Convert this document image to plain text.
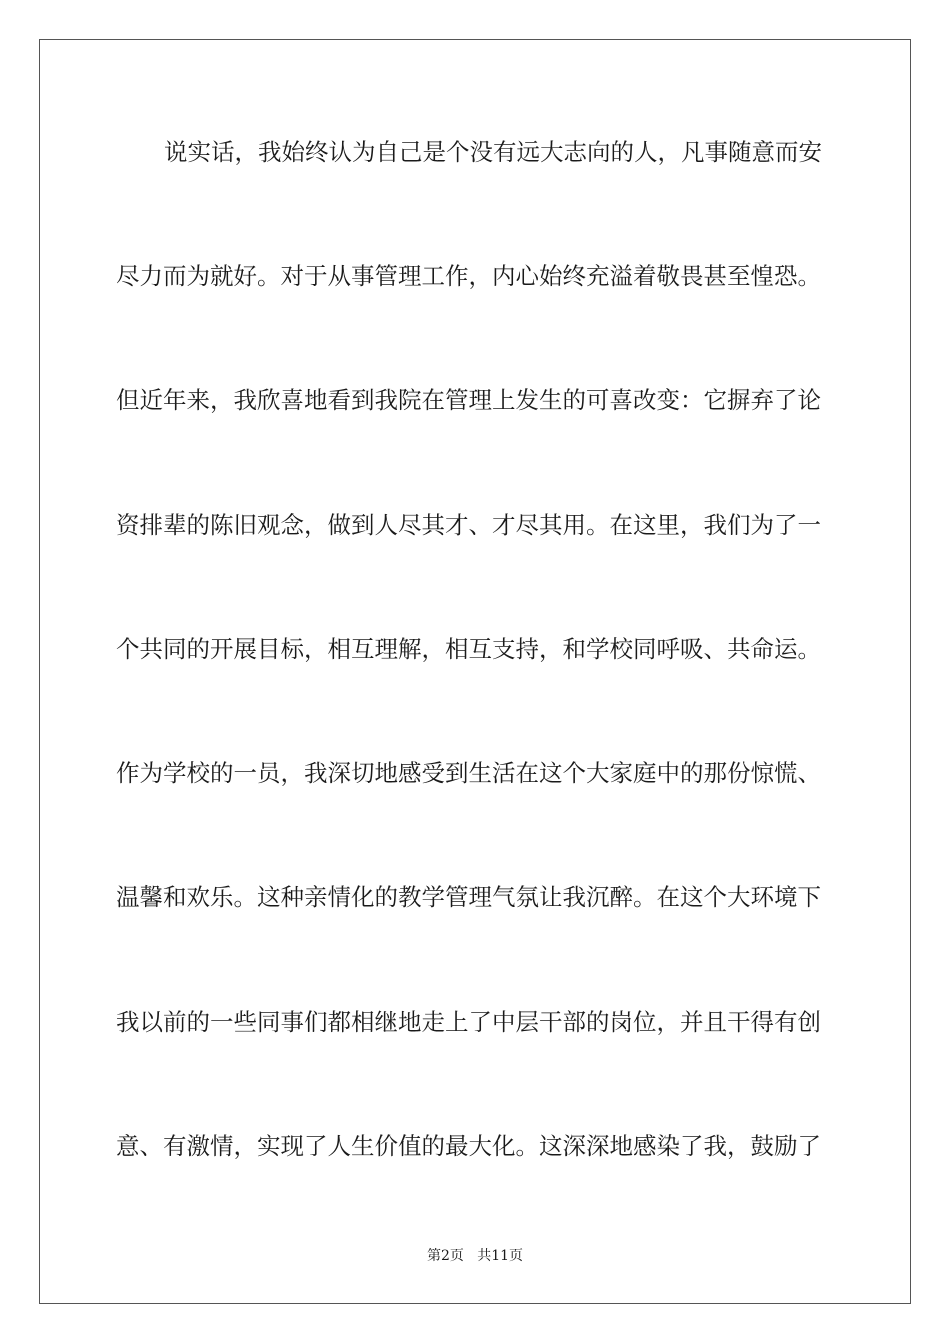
说实话，我始终认为自己是个没有远大志向的人，凡事随意而安
尽力而为就好。对于从事管理工作，内心始终充溢着敬畏甚至惶恐。
但近年来，我欣喜地看到我院在管理上发生的可喜改变：它摒弃了论
资排辈的陈旧观念，做到人尽其才、才尽其用。在这里，我们为了一
个共同的开展目标，相互理解，相互支持，和学校同呼吸、共命运。
作为学校的一员，我深切地感受到生活在这个大家庭中的那份惊慌、
温馨和欢乐。这种亲情化的教学管理气氛让我沉醉。在这个大环境下
我以前的一些同事们都相继地走上了中层干部的岗位，并且干得有创
意、有激情，实现了人生价值的最大化。这深深地感染了我，鼓励了
第2页   共11页
